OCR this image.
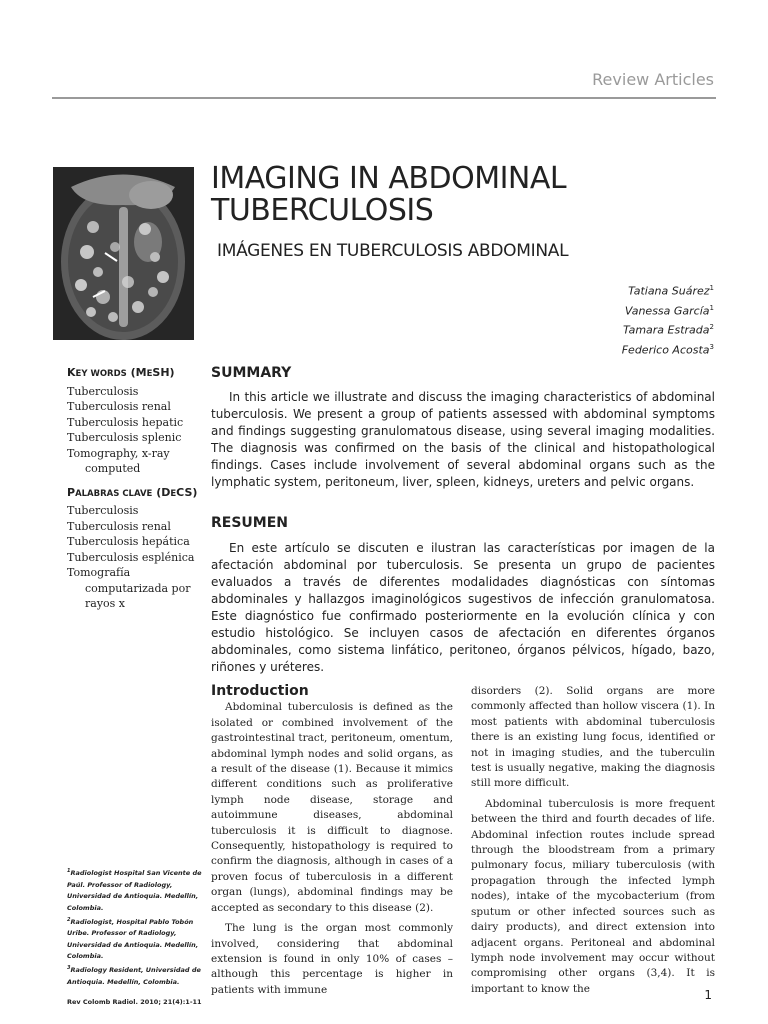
Review Articles
IMAGING IN ABDOMINAL
TUBERCULOSIS
IMÁGENES EN TUBERCULOSIS ABDOMINAL
Tatiana Suárez$^1$
Vanessa García$^1$
Tamara Estrada$^2$
Federico Acosta$^3$
KEY WORDS (MESH)
Tuberculosis
Tuberculosis renal
Tuberculosis hepatic
Tuberculosis splenic
Tomography, x-ray computed
PALABRAS CLAVE (DECS)
Tuberculosis
Tuberculosis renal
Tuberculosis hepática
Tuberculosis esplénica
Tomografía computarizada por rayos x
SUMMARY

In this article we illustrate and discuss the imaging characteristics of abdominal tuberculosis. We present a group of patients assessed with abdominal symptoms and findings suggesting granulomatous disease, using several imaging modalities. The diagnosis was confirmed on the basis of the clinical and histopathological findings. Cases include involvement of several abdominal organs such as the lymphatic system, peritoneum, liver, spleen, kidneys, ureters and pelvic organs.

RESUMEN

En este artículo se discuten e ilustran las características por imagen de la afectación abdominal por tuberculosis. Se presenta un grupo de pacientes evaluados a través de diferentes modalidades diagnósticas con síntomas abdominales y hallazgos imaginológicos sugestivos de infección granulomatosa. Este diagnóstico fue confirmado posteriormente en la evolución clínica y con estudio histológico. Se incluyen casos de afectación en diferentes órganos abdominales, como sistema linfático, peritoneo, órganos pélvicos, hígado, bazo, riñones y uréteres.

Introduction

Abdominal tuberculosis is defined as the isolated or combined involvement of the gastrointestinal tract, peritoneum, omentum, abdominal lymph nodes and solid organs, as a result of the disease (1). Because it mimics different conditions such as proliferative lymph node disease, storage and autoimmune diseases, abdominal tuberculosis it is difficult to diagnose. Consequently, histopathology is required to confirm the diagnosis, although in cases of a proven focus of tuberculosis in a different organ (lungs), abdominal findings may be accepted as secondary to this disease (2).

The lung is the organ most commonly involved, considering that abdominal extension is found in only 10% of cases – although this percentage is higher in patients with immune

disorders (2). Solid organs are more commonly affected than hollow viscera (1). In most patients with abdominal tuberculosis there is an existing lung focus, identified or not in imaging studies, and the tuberculin test is usually negative, making the diagnosis still more difficult.

Abdominal tuberculosis is more frequent between the third and fourth decades of life. Abdominal infection routes include spread through the bloodstream from a primary pulmonary focus, miliary tuberculosis (with propagation through the infected lymph nodes), intake of the mycobacterium (from sputum or other infected sources such as dairy products), and direct extension into adjacent organs. Peritoneal and abdominal lymph node involvement may occur without compromising other organs (3,4). It is important to know the

$^1$Radiologist Hospital San Vicente de Paúl. Professor of Radiology, Universidad de Antioquia. Medellín, Colombia.
$^2$Radiologist, Hospital Pablo Tobón Uribe. Professor of Radiology, Universidad de Antioquia. Medellín, Colombia.
$^3$Radiology Resident, Universidad de Antioquia. Medellín, Colombia.
Rev Colomb Radiol. 2010; 21(4):1-11	1
